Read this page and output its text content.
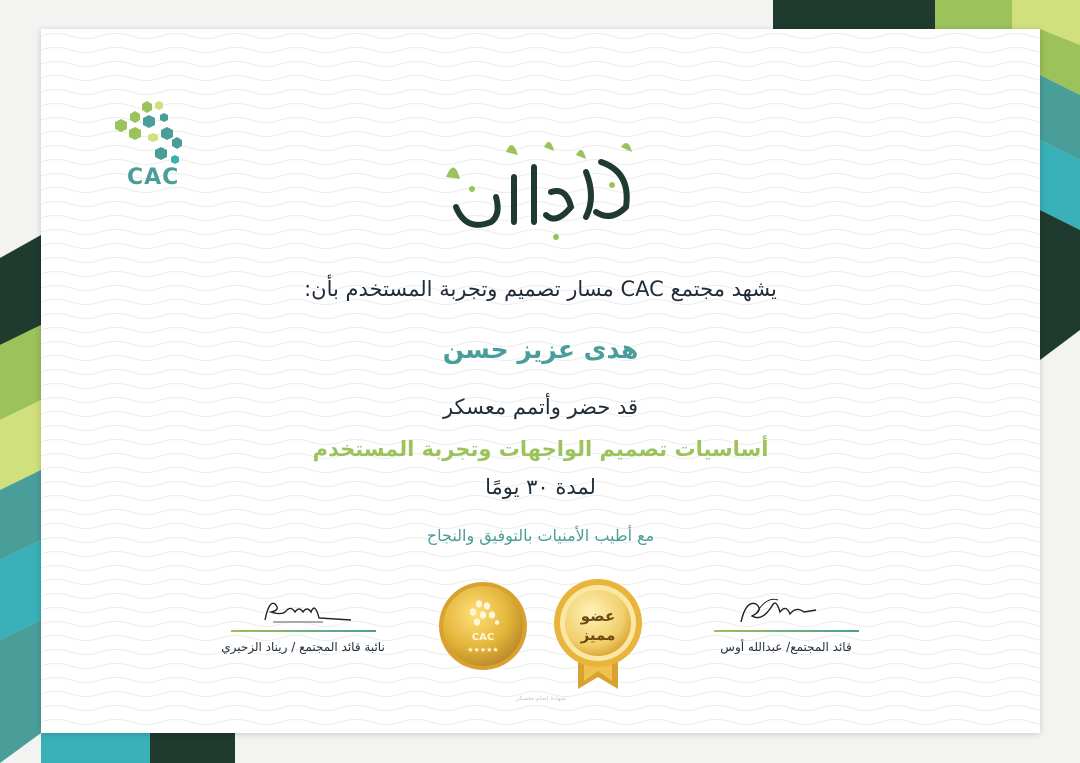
CAC
يشهد مجتمع CAC مسار تصميم وتجربة المستخدم بأن:
هدى عزيز حسن
قد حضر وأتمم معسكر
أساسيات تصميم الواجهات وتجربة المستخدم
لمدة ٣٠ يومًا
مع أطيب الأمنيات بالتوفيق والنجاح
نائبة قائد المجتمع / ريناد الزحيري	قائد المجتمع/ عبدالله أوس
CAC
★★★★★
عضو
مميز
شهادة إتمام معسكر
